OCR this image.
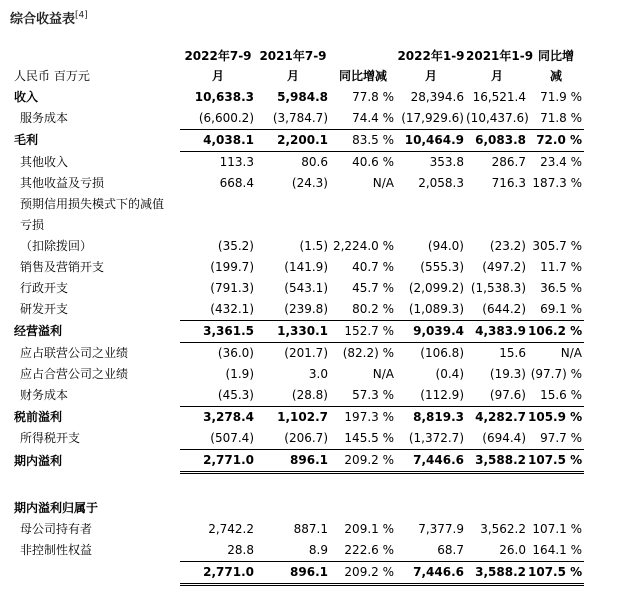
综合收益表[4]
	2022年7-9	2021年7-9		2022年1-9	2021年1-9	同比增
人民币 百万元	月	月	同比增减	月	月	减
收入	10,638.3	5,984.8	77.8 %	28,394.6	16,521.4	71.9 %
服务成本	(6,600.2)	(3,784.7)	74.4 %	(17,929.6)	(10,437.6)	71.8 %
毛利	4,038.1	2,200.1	83.5 %	10,464.9	6,083.8	72.0 %
其他收入	113.3	80.6	40.6 %	353.8	286.7	23.4 %
其他收益及亏损	668.4	(24.3)	N/A	2,058.3	716.3	187.3 %
预期信用损失模式下的减值						
亏损						
（扣除拨回）	(35.2)	(1.5)	2,224.0 %	(94.0)	(23.2)	305.7 %
销售及营销开支	(199.7)	(141.9)	40.7 %	(555.3)	(497.2)	11.7 %
行政开支	(791.3)	(543.1)	45.7 %	(2,099.2)	(1,538.3)	36.5 %
研发开支	(432.1)	(239.8)	80.2 %	(1,089.3)	(644.2)	69.1 %
经营溢利	3,361.5	1,330.1	152.7 %	9,039.4	4,383.9	106.2 %
应占联营公司之业绩	(36.0)	(201.7)	(82.2) %	(106.8)	15.6	N/A
应占合营公司之业绩	(1.9)	3.0	N/A	(0.4)	(19.3)	(97.7) %
财务成本	(45.3)	(28.8)	57.3 %	(112.9)	(97.6)	15.6 %
税前溢利	3,278.4	1,102.7	197.3 %	8,819.3	4,282.7	105.9 %
所得税开支	(507.4)	(206.7)	145.5 %	(1,372.7)	(694.4)	97.7 %
期内溢利	2,771.0	896.1	209.2 %	7,446.6	3,588.2	107.5 %

期内溢利归属于						
母公司持有者	2,742.2	887.1	209.1 %	7,377.9	3,562.2	107.1 %
非控制性权益	28.8	8.9	222.6 %	68.7	26.0	164.1 %
	2,771.0	896.1	209.2 %	7,446.6	3,588.2	107.5 %
